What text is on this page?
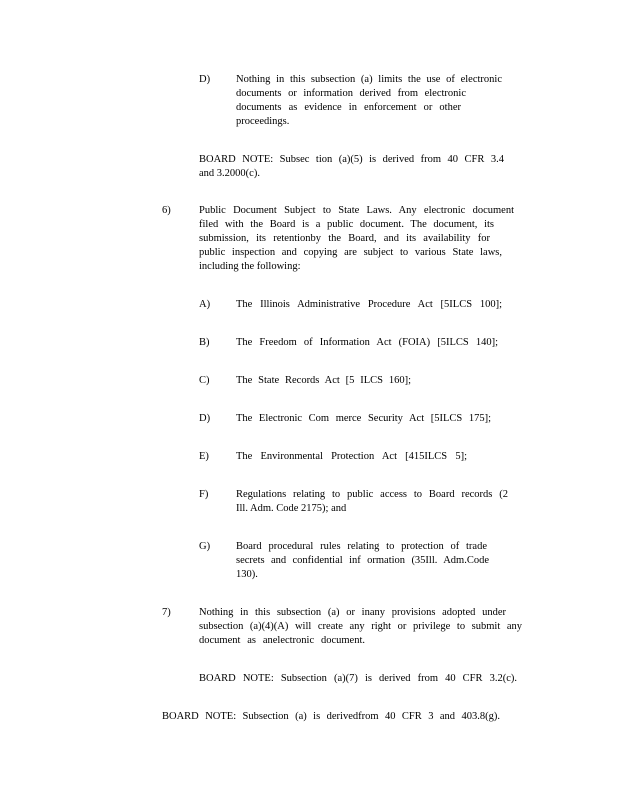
D) Nothing in this subsection (a) limits the use of electronic
documents or information derived from electronic
documents as evidence in enforcement or other
proceedings.
BOARD NOTE: Subsec tion (a)(5) is derived from 40 CFR 3.4
and 3.2000(c).
6)	Public Document Subject to State Laws. Any electronic document
filed with the Board is a public document. The document, its
submission, its retentionby the Board, and its availability for
public inspection and copying are subject to various State laws,
including the following:
A) The Illinois Administrative Procedure Act [5ILCS 100];
B)	The Freedom of Information Act (FOIA) [5ILCS 140];
C)	The State Records Act [5 ILCS 160];
D) The Electronic Com merce Security Act [5ILCS 175];
E)	The Environmental Protection Act [415ILCS 5];
F)	Regulations relating to public access to Board records (2
Ill. Adm. Code 2175); and
G) Board procedural rules relating to protection of trade
secrets and confidential inf ormation (35Ill. Adm.Code
130).
7)	Nothing in this subsection (a) or inany provisions adopted under
subsection (a)(4)(A) will create any right or privilege to submit any
document as anelectronic document.
BOARD NOTE: Subsection (a)(7) is derived from 40 CFR 3.2(c).
BOARD NOTE: Subsection (a) is derivedfrom 40 CFR 3 and 403.8(g).
